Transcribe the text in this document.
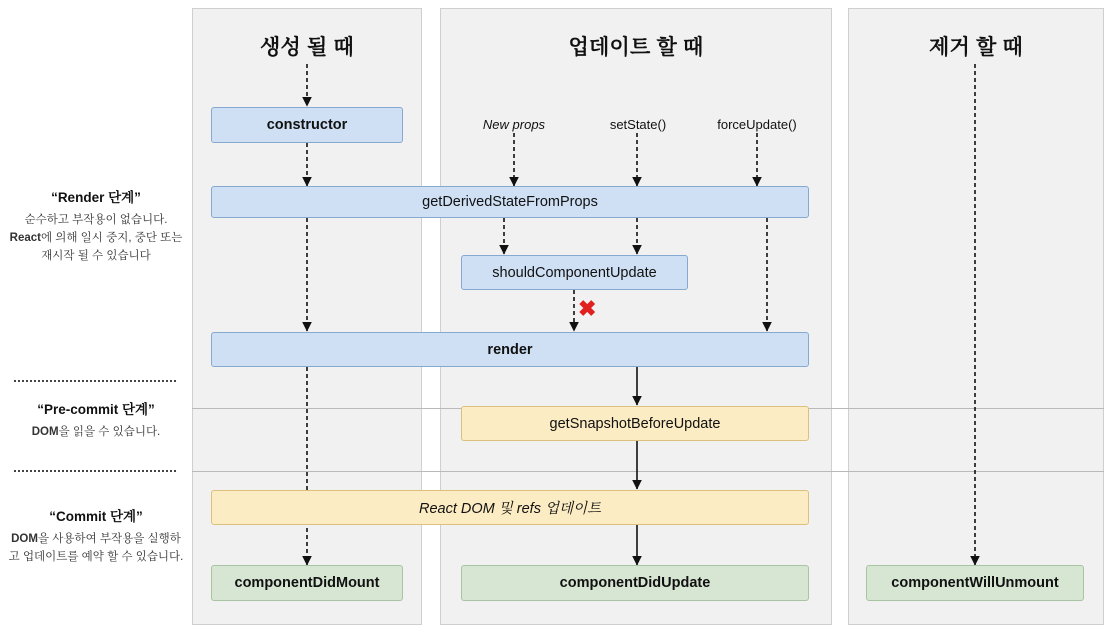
생성 될 때	업데이트 할 때	제거 할 때
“Render 단계”
순수하고 부작용이 없습니다. React에 의해 일시 중지, 중단 또는 재시작 될 수 있습니다
“Pre-commit 단계”
DOM을 읽을 수 있습니다.
“Commit 단계”
DOM을 사용하여 부작용을 실행하고 업데이트를 예약 할 수 있습니다.
New props	setState()	forceUpdate()
✖
constructor
componentDidMount
getDerivedStateFromProps
shouldComponentUpdate
render
getSnapshotBeforeUpdate
React DOM 및 refs 업데이트
componentDidUpdate	componentWillUnmount
